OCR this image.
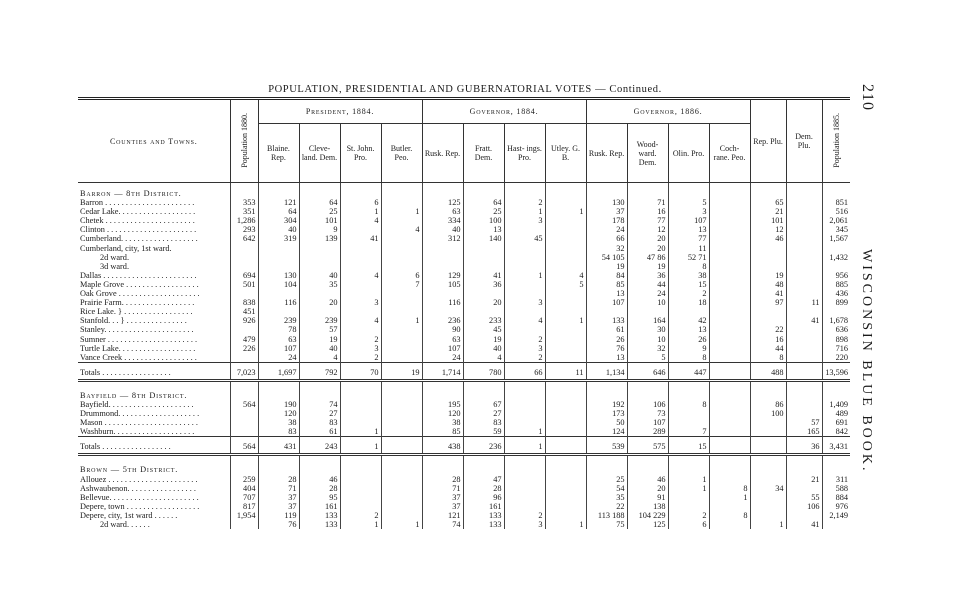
POPULATION, PRESIDENTIAL AND GUBERNATORIAL VOTES — Continued.	210
WISCONSIN BLUE BOOK.
Counties and Towns.	Population 1880.	President, 1884.				Governor, 1884.				Governor, 1886.				Rep. Plu.	Dem. Plu.	Population 1885.
		Blaine. Rep.	Cleve- land. Dem.	St. John. Pro.	Butler. Peo.	Rusk. Rep.	Fratt. Dem.	Hast- ings. Pro.	Utley. G. B.	Rusk. Rep.	Wood- ward. Dem.	Olin. Pro.	Coch- rane. Peo.			
Barron — 8th District.																
Barron . . . . . . . . . . . . . . . . . . . . . .	353	121	64	6		125	64	2		130	71	5		65		851
Cedar Lake. . . . . . . . . . . . . . . . . . .	351	64	25	1	1	63	25	1	1	37	16	3		21		516
Chetek . . . . . . . . . . . . . . . . . . . . . .	1,286	304	101	4		334	100	3		178	77	107		101		2,061
Clinton . . . . . . . . . . . . . . . . . . . . . .	293	40	9		4	40	13			24	12	13		12		345
Cumberland. . . . . . . . . . . . . . . . . . .	642	319	139	41		312	140	45		66	20	77		46		1,567
Cumberland, city, 1st ward.										32	20	11				
2d ward.										54 105	47 86	52 71				1,432
3d ward.										19	19	8				
Dallas . . . . . . . . . . . . . . . . . . . . . . .	694	130	40	4	6	129	41	1	4	84	36	38		19		956
Maple Grove . . . . . . . . . . . . . . . . . .	501	104	35		7	105	36		5	85	44	15		48		885
Oak Grove . . . . . . . . . . . . . . . . . . . .										13	24	2		41		436
Prairie Farm. . . . . . . . . . . . . . . . . .	838	116	20	3		116	20	3		107	10	18		97	11	899
Rice Lake. } . . . . . . . . . . . . . . . . .	451															
Stanfold. . . } . . . . . . . . . . . . . . .	926	239	239	4	1	236	233	4	1	133	164	42			41	1,678
Stanley. . . . . . . . . . . . . . . . . . . . . .		78	57			90	45			61	30	13		22		636
Sumner . . . . . . . . . . . . . . . . . . . . . .	479	63	19	2		63	19	2		26	10	26		16		898
Turtle Lake. . . . . . . . . . . . . . . . . . .	226	107	40	3		107	40	3		76	32	9		44		716
Vance Creek . . . . . . . . . . . . . . . . . .		24	4	2		24	4	2		13	5	8		8		220

Totals . . . . . . . . . . . . . . . . .	7,023	1,697	792	70	19	1,714	780	66	11	1,134	646	447		488		13,596

Bayfield — 8th District.																
Bayfield. . . . . . . . . . . . . . . . . . . . .	564	190	74			195	67			192	106	8		86		1,409
Drummond. . . . . . . . . . . . . . . . . . . .		120	27			120	27			173	73			100		489
Mason . . . . . . . . . . . . . . . . . . . . . . .		38	83			38	83			50	107				57	691
Washburn. . . . . . . . . . . . . . . . . . . .		83	61	1		85	59	1		124	289	7			165	842

Totals . . . . . . . . . . . . . . . . .	564	431	243	1		438	236	1		539	575	15			36	3,431

Brown — 5th District.																
Allouez . . . . . . . . . . . . . . . . . . . . . .	259	28	46			28	47			25	46	1			21	311
Ashwaubenon. . . . . . . . . . . . . . . . .	404	71	28			71	28			54	20	1	8	34		588
Bellevue. . . . . . . . . . . . . . . . . . . . . .	707	37	95			37	96			35	91		1		55	884
Depere, town . . . . . . . . . . . . . . . . . .	817	37	161			37	161			22	138				106	976
Depere, city, 1st ward . . . . . .	1,954	119	133	2		121	133	2		113 188	104 229	2	8			2,149
2d ward. . . . . .		76	133	1	1	74	133	3	1	75	125	6		1	41	
